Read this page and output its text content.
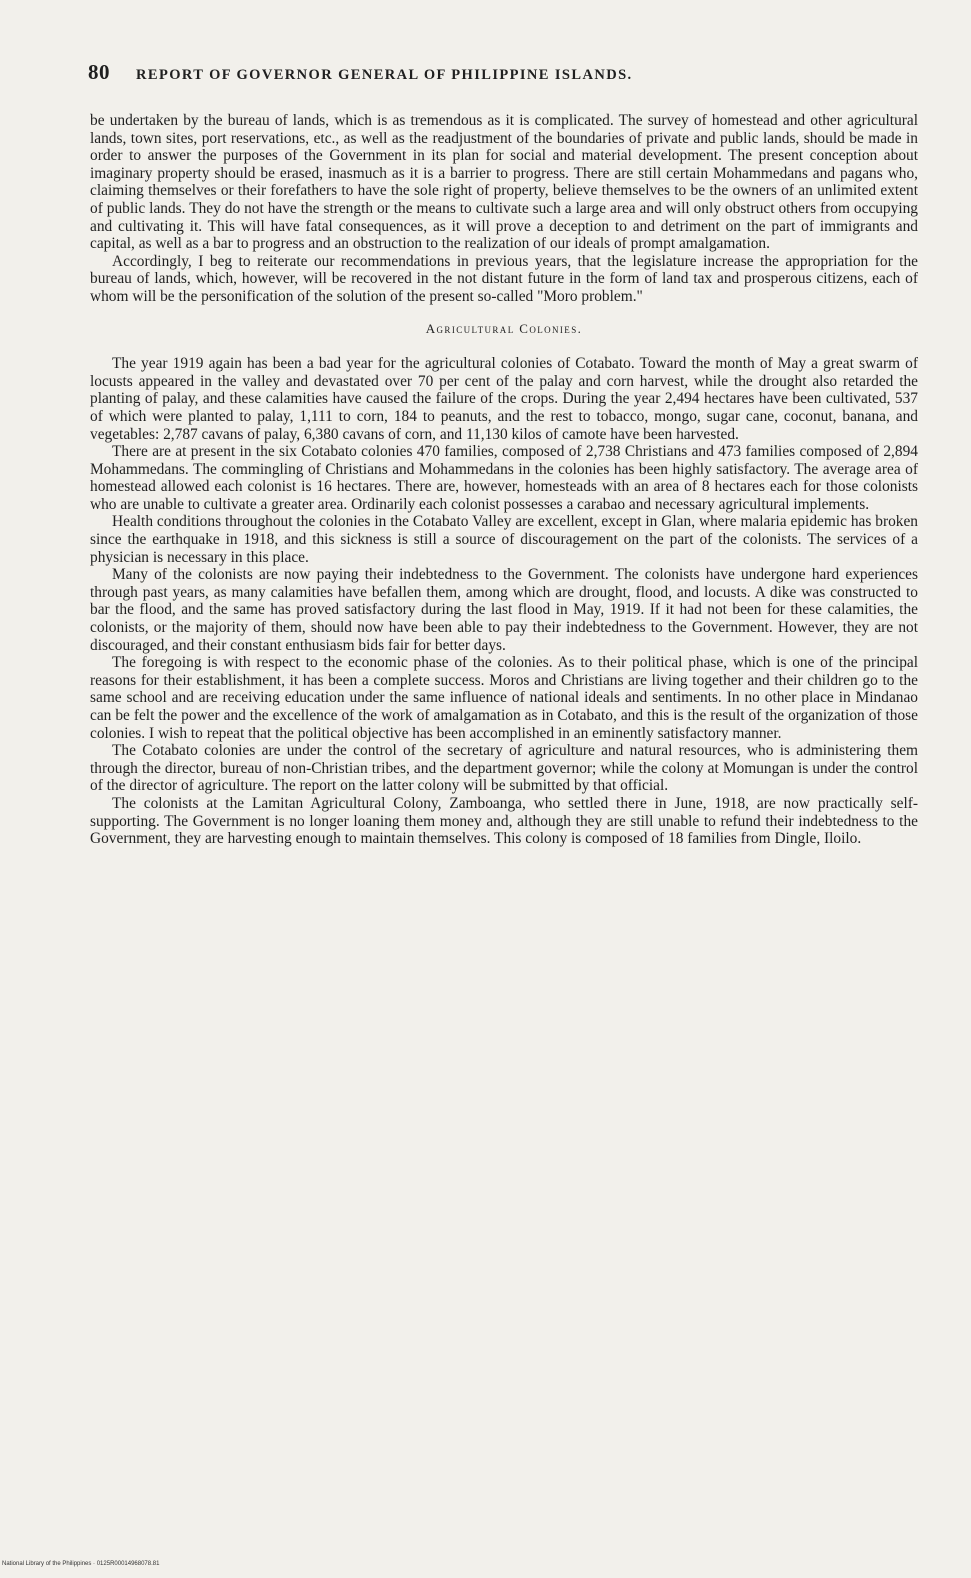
80 REPORT OF GOVERNOR GENERAL OF PHILIPPINE ISLANDS.

be undertaken by the bureau of lands, which is as tremendous as it is complicated. The survey of homestead and other agricultural lands, town sites, port reservations, etc., as well as the readjustment of the boundaries of private and public lands, should be made in order to answer the purposes of the Government in its plan for social and material development. The present conception about imaginary property should be erased, inasmuch as it is a barrier to progress. There are still certain Mohammedans and pagans who, claiming themselves or their forefathers to have the sole right of property, believe themselves to be the owners of an unlimited extent of public lands. They do not have the strength or the means to cultivate such a large area and will only obstruct others from occupying and cultivating it. This will have fatal consequences, as it will prove a deception to and detriment on the part of immigrants and capital, as well as a bar to progress and an obstruction to the realization of our ideals of prompt amalgamation.

Accordingly, I beg to reiterate our recommendations in previous years, that the legislature increase the appropriation for the bureau of lands, which, however, will be recovered in the not distant future in the form of land tax and prosperous citizens, each of whom will be the personification of the solution of the present so-called "Moro problem."

Agricultural Colonies.

The year 1919 again has been a bad year for the agricultural colonies of Cotabato. Toward the month of May a great swarm of locusts appeared in the valley and devastated over 70 per cent of the palay and corn harvest, while the drought also retarded the planting of palay, and these calamities have caused the failure of the crops. During the year 2,494 hectares have been cultivated, 537 of which were planted to palay, 1,111 to corn, 184 to peanuts, and the rest to tobacco, mongo, sugar cane, coconut, banana, and vegetables: 2,787 cavans of palay, 6,380 cavans of corn, and 11,130 kilos of camote have been harvested.

There are at present in the six Cotabato colonies 470 families, composed of 2,738 Christians and 473 families composed of 2,894 Mohammedans. The commingling of Christians and Mohammedans in the colonies has been highly satisfactory. The average area of homestead allowed each colonist is 16 hectares. There are, however, homesteads with an area of 8 hectares each for those colonists who are unable to cultivate a greater area. Ordinarily each colonist possesses a carabao and necessary agricultural implements.

Health conditions throughout the colonies in the Cotabato Valley are excellent, except in Glan, where malaria epidemic has broken since the earthquake in 1918, and this sickness is still a source of discouragement on the part of the colonists. The services of a physician is necessary in this place.

Many of the colonists are now paying their indebtedness to the Government. The colonists have undergone hard experiences through past years, as many calamities have befallen them, among which are drought, flood, and locusts. A dike was constructed to bar the flood, and the same has proved satisfactory during the last flood in May, 1919. If it had not been for these calamities, the colonists, or the majority of them, should now have been able to pay their indebtedness to the Government. However, they are not discouraged, and their constant enthusiasm bids fair for better days.

The foregoing is with respect to the economic phase of the colonies. As to their political phase, which is one of the principal reasons for their establishment, it has been a complete success. Moros and Christians are living together and their children go to the same school and are receiving education under the same influence of national ideals and sentiments. In no other place in Mindanao can be felt the power and the excellence of the work of amalgamation as in Cotabato, and this is the result of the organization of those colonies. I wish to repeat that the political objective has been accomplished in an eminently satisfactory manner.

The Cotabato colonies are under the control of the secretary of agriculture and natural resources, who is administering them through the director, bureau of non-Christian tribes, and the department governor; while the colony at Momungan is under the control of the director of agriculture. The report on the latter colony will be submitted by that official.

The colonists at the Lamitan Agricultural Colony, Zamboanga, who settled there in June, 1918, are now practically self-supporting. The Government is no longer loaning them money and, although they are still unable to refund their indebtedness to the Government, they are harvesting enough to maintain themselves. This colony is composed of 18 families from Dingle, Iloilo.

National Library of the Philippines · 0125R00014968078.81
